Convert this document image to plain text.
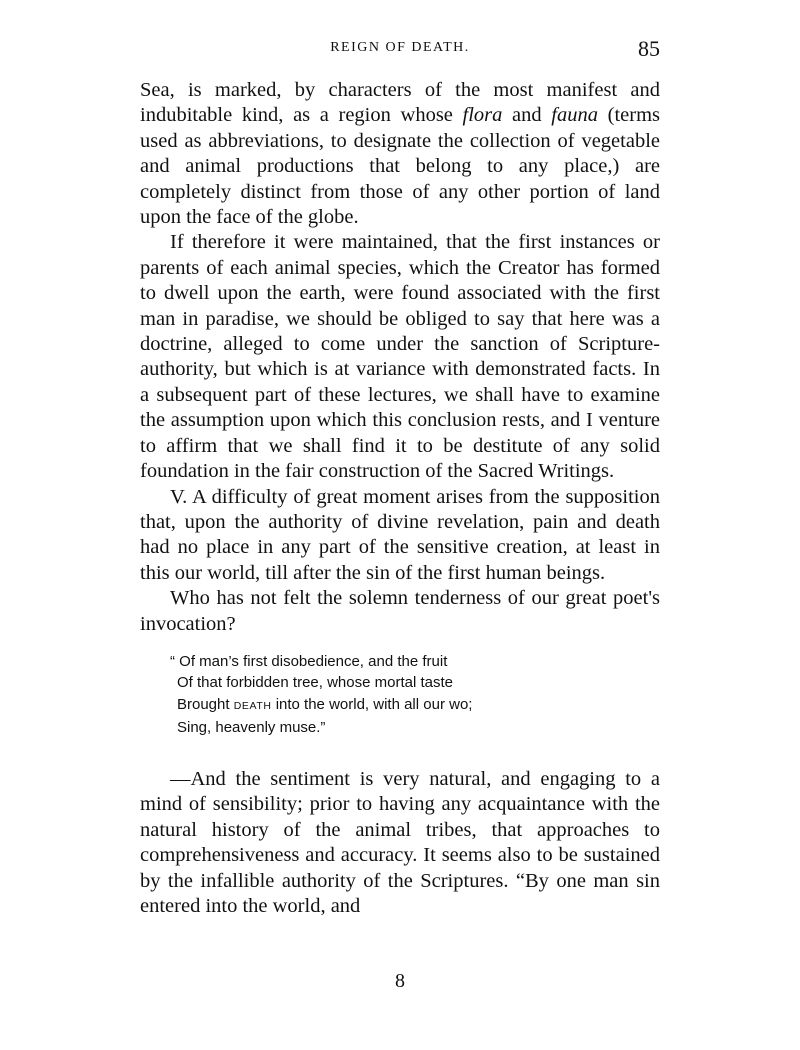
REIGN OF DEATH.	85

Sea, is marked, by characters of the most manifest and indubitable kind, as a region whose flora and fauna (terms used as abbreviations, to designate the collection of vegetable and animal productions that belong to any place,) are completely distinct from those of any other portion of land upon the face of the globe.

If therefore it were maintained, that the first instances or parents of each animal species, which the Creator has formed to dwell upon the earth, were found associated with the first man in paradise, we should be obliged to say that here was a doctrine, alleged to come under the sanction of Scripture-authority, but which is at variance with demonstrated facts. In a subsequent part of these lectures, we shall have to examine the assumption upon which this conclusion rests, and I venture to affirm that we shall find it to be destitute of any solid foundation in the fair construction of the Sacred Writings.

V. A difficulty of great moment arises from the supposition that, upon the authority of divine revelation, pain and death had no place in any part of the sensitive creation, at least in this our world, till after the sin of the first human beings.

Who has not felt the solemn tenderness of our great poet's invocation?

“ Of man’s first disobedience, and the fruit
Of that forbidden tree, whose mortal taste
Brought DEATH into the world, with all our wo;
Sing, heavenly muse.”

—And the sentiment is very natural, and engaging to a mind of sensibility; prior to having any acquaintance with the natural history of the animal tribes, that approaches to comprehensiveness and accuracy. It seems also to be sustained by the infallible authority of the Scriptures. “By one man sin entered into the world, and

8
